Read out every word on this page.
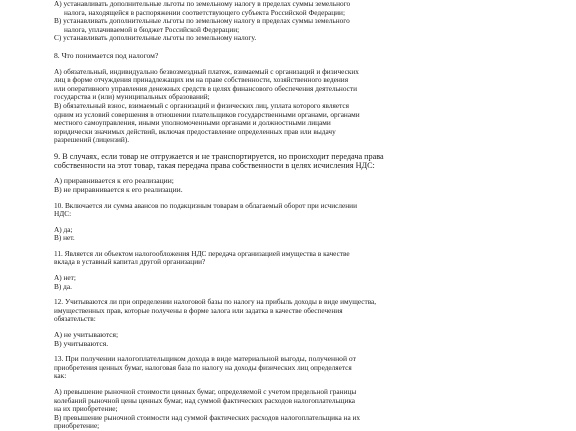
А) устанавливать дополнительные льготы по земельному налогу в пределах суммы земельного
налога, находящейся в распоряжении соответствующего субъекта Российской Федерации;
В) устанавливать дополнительные льготы по земельному налогу в пределах суммы земельного
налога, уплачиваемой в бюджет Российской Федерации;
С) устанавливать дополнительные льготы по земельному налогу.
8. Что понимается под налогом?
А) обязательный, индивидуально безвозмездный платеж, взимаемый с организаций и физических
лиц в форме отчуждения принадлежащих им на праве собственности, хозяйственного ведения
или оперативного управления денежных средств в целях финансового обеспечения деятельности
государства и (или) муниципальных образований;
В) обязательный взнос, взимаемый с организаций и физических лиц, уплата которого является
одним из условий совершения в отношении плательщиков государственными органами, органами
местного самоуправления, иными уполномоченными органами и должностными лицами
юридически значимых действий, включая предоставление определенных прав или выдачу
разрешений (лицензий).
9. В случаях, если товар не отгружается и не транспортируется, но происходит передача права
собственности на этот товар, такая передача права собственности в целях исчисления НДС:
А) приравнивается к его реализации;
В) не приравнивается к его реализации.
10. Включается ли сумма авансов по подакцизным товарам в облагаемый оборот при исчислении
НДС:
А) да;
В) нет.
11. Является ли объектом налогообложения НДС передача организацией имущества в качестве
вклада в уставный капитал другой организации?
А) нет;
В) да.
12. Учитываются ли при определении налоговой базы по налогу на прибыль доходы в виде имущества,
имущественных прав, которые получены в форме залога или задатка в качестве обеспечения
обязательств:
А) не учитываются;
В) учитываются.
13. При получении налогоплательщиком дохода в виде материальной выгоды, полученной от
приобретения ценных бумаг, налоговая база по налогу на доходы физических лиц определяется
как:
А) превышение рыночной стоимости ценных бумаг, определяемой с учетом предельной границы
колебаний рыночной цены ценных бумаг, над суммой фактических расходов налогоплательщика
на их приобретение;
В) превышение рыночной стоимости над суммой фактических расходов налогоплательщика на их
приобретение;
